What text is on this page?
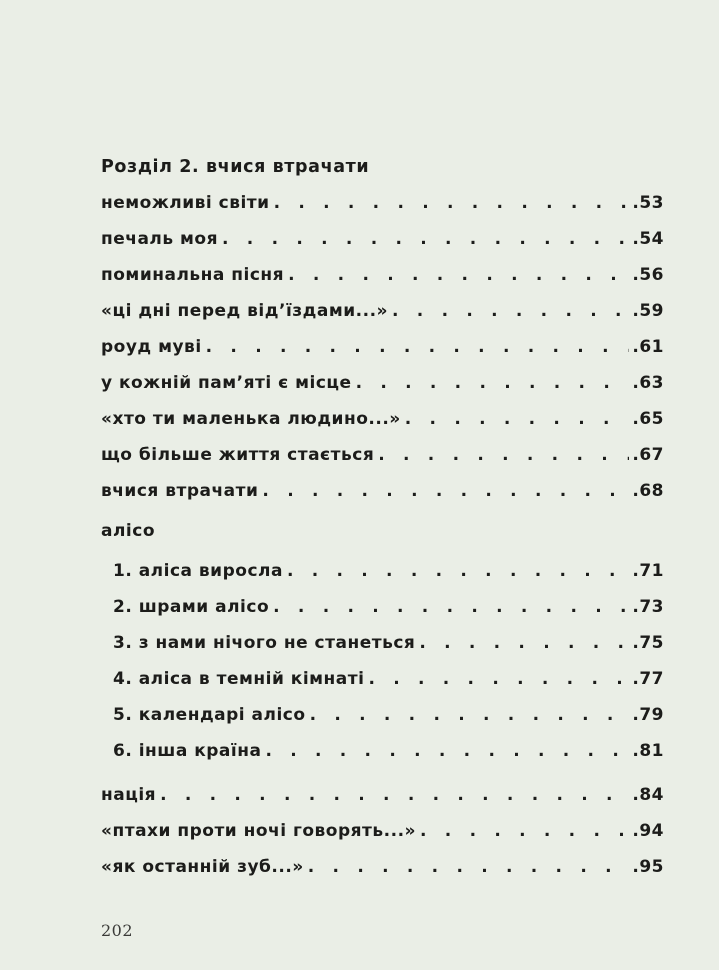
Розділ 2. вчися втрачати
неможливі світи . . .	.53
печаль моя . . .	.54
поминальна пісня . . .	.56
«ці дні перед від’їздами...» . . .	.59
роуд муві . . .	.61
у кожній пам’яті є місце . . .	.63
«хто ти маленька людино...» . . .	.65
що більше життя стається . . .	.67
вчися втрачати . . .	.68
алісо
1. аліса виросла . . .	.71
2. шрами алісо . . .	.73
3. з нами нічого не станеться . . .	.75
4. аліса в темній кімнаті . . .	.77
5. календарі алісо . . .	.79
6. інша країна . . .	.81
нація . . .	.84
«птахи проти ночі говорять...» . . .	.94
«як останній зуб...» . . .	.95
202
